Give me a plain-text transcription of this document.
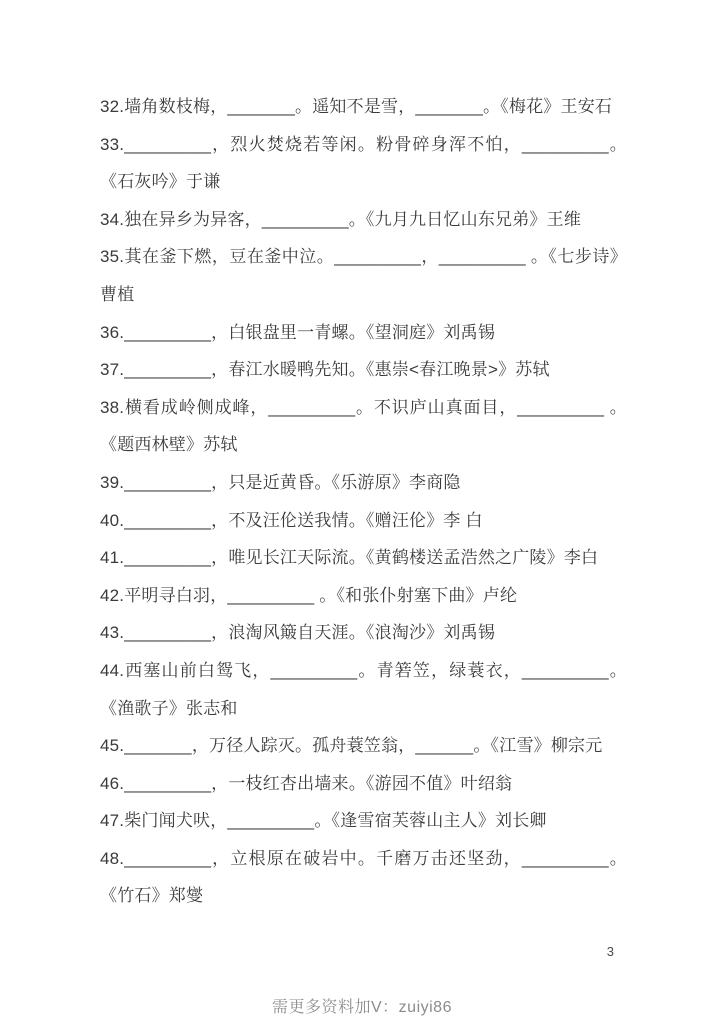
32.墙角数枝梅，_______。遥知不是雪，_______。《梅花》王安石

33._________，烈火焚烧若等闲。粉骨碎身浑不怕，_________。《石灰吟》于谦

34.独在异乡为异客，_________。《九月九日忆山东兄弟》王维

35.萁在釜下燃，豆在釜中泣。_________，_________ 。《七步诗》曹植

36._________，白银盘里一青螺。《望洞庭》刘禹锡

37._________，春江水暖鸭先知。《惠崇<春江晚景>》苏轼

38.横看成岭侧成峰，_________。不识庐山真面目，_________ 。《题西林壁》苏轼

39._________，只是近黄昏。《乐游原》李商隐

40._________，不及汪伦送我情。《赠汪伦》李 白

41._________，唯见长江天际流。《黄鹤楼送孟浩然之广陵》李白

42.平明寻白羽，_________ 。《和张仆射塞下曲》卢纶

43._________，浪淘风簸自天涯。《浪淘沙》刘禹锡

44.西塞山前白鸳飞，_________。青箬笠，绿蓑衣，_________。《渔歌子》张志和

45._______，万径人踪灭。孤舟蓑笠翁，______。《江雪》柳宗元

46._________，一枝红杏出墙来。《游园不值》叶绍翁

47.柴门闻犬吠，_________。《逢雪宿芙蓉山主人》刘长卿

48._________，立根原在破岩中。千磨万击还坚劲，_________。《竹石》郑燮

3
需更多资料加V：zuiyi86
